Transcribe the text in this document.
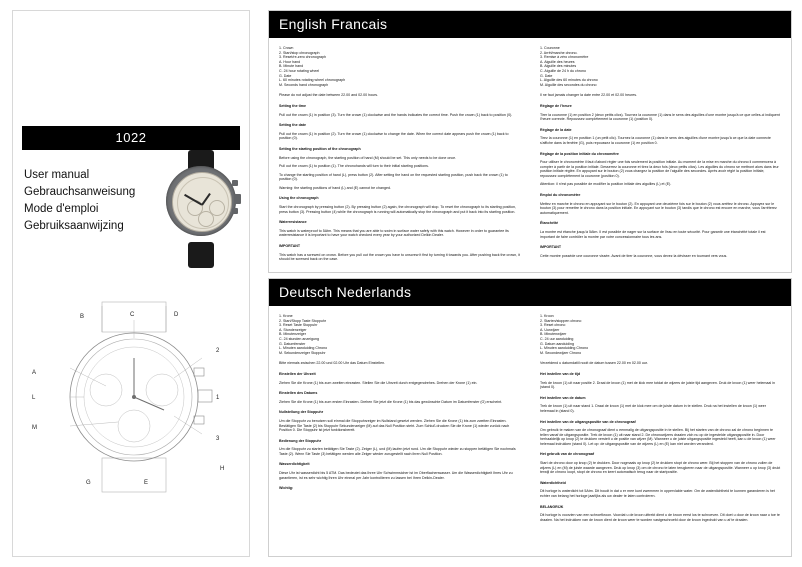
1022
User manual
Gebrauchsanweisung
Mode d'emploi
Gebruiksaanwijzing
A
L
M
B	C	D
2
1
3
E
G
H
English Francais

1. Crown

2. Start/stop chronograph

3. Reset/re-zero chronograph

A. Hour hand

B. Minute hand

C. 24 hour rotating wheel

G. Date

L. 60 minutes rotating wheel chronograph

M. Seconds hand chronograph

Please do not adjust the date between 22.00 and 02.00 hours.

Setting the time

Pull out the crown (1) in position (3). Turn the crown (1) clockwise and the hands indicates the correct time. Push the crown (1) back to position (0).

Setting the date

Pull out the crown (1) in position (2). Turn the crown (1) clockwise to change the date. When the correct date appears push the crown (1) back to position (0).

Setting the starting position of the chronograph

Before using the chronograph, the starting position of hand (M) should be set. This only needs to be done once.

Pull out the crown (1) to position (1). The chronohands will turn to their initial starting positions.

To change the starting position of hand (L), press button (2). After setting the hand on the requested starting position, push back the crown (1) to position (0).

Warning: the starting positions of hand (L) and (E) cannot be changed.

Using the chronograph

Start the chronograph by pressing button (2). By pressing button (2) again, the chronograph will stop. To reset the chronograph to its starting position, press button (3). Pressing button (4) while the chronograph is running will automatically stop the chronograph and put it back into its starting position.

Waterresistance

This watch is waterproof to 5Atm. This means that you are able to swim in surface water safely with this watch. However in order to guarantee its waterresistance it is important to have your watch checked every year by your authorized Delkin Dealer.

IMPORTANT

This watch has a screwed on crown. Before you pull out the crown you have to unscrew it first by turning it towards you. After pushing back the crown, it should be screwed back on the case.

1. Couronne

2. Arrêt/marche chrono.

3. Remise à zéro chronomètre

A. Aiguille des heures

B. Aiguille des minutes

C. Aiguille de 24 h du chrono

G. Date

L. Aiguille des 60 minutes du chrono

M. Aiguille des secondes du chrono

Il ne faut jamais changer la date entre 22.00 et 02.00 heures.

Réglage de l'heure

Tirer la couronne (1) en position 2 (deux petits clics). Tournez la couronne (1) dans le sens des aiguilles d'une montre jusqu'à ce que celles-ci indiquent l'heure correcte. Repoussez complètement la couronne (1) (position 0).

Réglage de la date

Tirez la couronne (1) en position 1 (un petit clic). Tournez la couronne (1) dans le sens des aiguilles d'une montre jusqu'à ce que la date connecte s'affiche dans la fenêtre (G), puis repoussez la couronne (1) en position 0.

Réglage de la position initiale du chronomètre

Pour utiliser le chronomètre il faut d'abord régler une fois seulement la position initiale. Au moment de la mise en marche du chrono il commencera à compter à partir de la position initiale. Desserrez la couronne et tirez la deux fois (deux petits clics). Les aiguilles du chrono se mettront alors dans leur position initiale réglée. En appuyant sur le bouton (2) vous changez la position de l'aiguille des secondes. Après avoir réglé la position initiale, repoussez complètement la couronne (position 0).

Attention: il n'est pas possible de modifier la position initiale des aiguilles (L) et (E).

Emploi du chronomètre

Mettez en marche le chrono en appuyant sur le bouton (2). En appuyant une deuxième fois sur le bouton (2) vous arrêtez le chrono. Appuyez sur le bouton (3) pour remettre le chrono dans la position initiale. En appuyant sur le bouton (3) tandis que le chrono est encore en marche, vous l'arrêterez automatiquement.

Étanchéité

La montre est étanche jusqu'à 5Atm. Il est possible de nager sur la surface de l'eau en toute sécurité. Pour garantir une étanchéité totale il est important de faire contrôler la montre par votre concessionnaire tous les ans.

IMPORTANT

Cette montre possède une couronne vissée. Avant de tirer la couronne, vous devez la dévisser en tournant vers vous.

Deutsch Nederlands

1. Krone

2. Start/Stopp Taste Stoppuhr

3. Reset Taste Stoppuhr

A. Stundenzeiger

B. Minutenzeiger

C. 24 stunden anzeigung

G. Datumfenster

L. Minuten aanduiding Chrono

M. Sekundenzeiger Stoppuhr

Bitte niemals zwischen 22.00 und 02.00 Uhr das Datum Einstellen.

Einstellen der Uhrzeit

Ziehen Sie die Krone (1) bis zum zweiten einrasten. Stellen Sie die Uhrzeit durch entgegendrehes. Drehen der Krone (1) ein.

Einstellen des Datums

Ziehen Sie die Krone (1) bis zum ersten Einrasten. Drehen Sie jetzt die Krone (1) bis das gewünschte Datum im Datumfenster (G) erscheint.

Nullstellung der Stoppuhr

Um die Stoppuhr zu benutzen soll einmal die Stoppuhrzeiger im Nullstand gesetzt werden. Ziehen Sie die Krone (1) bis zum zweiten Einrasten. Bestätigen Sie Taste (2) bis Stoppuhr Sekundenzeiger (M) auf das Null Position steht. Zum Schluß drucken Sie die Krone (1) wieder zurück nach Position 0. Die Stoppuhr ist jetzt funktionsbereit.

Bedienung der Stoppuhr

Um die Stoppuhr zu starten betätigen Sie Taste (2). Zeiger (L), und (M) laufen jetzt rund. Um die Stoppuhr wieder zu stoppen betätigen Sie nochmals Taste (2). Wenn Sie Taste (3) betätigen werden alle Zeiger wieder zurugestellt nach ihren Null Position.

Wasserdichtigkeit

Diese Uhr ist wasserdicht bis 5 ATM. Das bedeutet das Ihree Uhr Schwimmsicher ist im Oberflachenwasser. Um die Wasserdichtigkeit Ihres Uhr zu garantieren, ist es sehr wichtig Ihren Uhr einmal per Jahr kontrollieren zu lassen bei Ihren Delkin-Dealer.

Wichtig:

1. Kroon

2. Starten/stoppen chrono

3. Reset chrono

A. Uurwijzer

B. Minutenwijzer

C. 24 uur aanduiding

G. Datum aanduiding

L. Minuten aanduiding Chrono

M. Secondewijzer Chrono

Verzetdend u datumdatiil nooit de datum tussen 22.00 en 02.00 uur.

Het instellen van de tijd

Trek de kroon (1) uit naar positie 2. Draai de kroon (1) met de klok mee totdat de wijzers de juiste tijd aangeven. Druk de kroon (1) weer helemaal in (stand 0).

Het instellen van de datum

Trek de kroon (1) uit naar stand 1. Draai de kroon (1) met de klok mee om de juiste datum in te stellen. Druk na het instellen de kroon (1) weer helemaal in (stand 0).

Het instellen van de uitgangspositie van de chronograaf

Om gebruik te maken van de chronograaf dient u eenmalig de uitgangspositie in te stellen. Bij het starten van de chrono zal de chrono beginnen te tellen vanaf de uitgangspositie. Trek de kroon (1) uit naar stand 2. De chronowijzers draaien zich nu op de ingestelde uitgangspositie in. Door herhaaldelijk op knop (2) te drukken verstelt u de positie van wijzer (M). Wanneer u de juiste uitgangspositie ingesteld heeft, kan u de kroon (1) weer helemaal indrukken (stand 0). Let op: de uitgangspositie van de wijzers (L) en (E) kan niet worden veranderd.

Het gebruik van de chronograaf

Start de chrono door op knop (2) te drukken. Door nogmaals op knop (2) te drukken stopt de chrono weer. Bij het stoppen van de chrono zullen de wijzers (L) en (M) de juiste waarde aangeven. Druk op knop (3) om de chrono te laten terugkeren naar de uitgangspositie. Wanneer u op knop (3) drukt terwijl de chrono loopt, stopt de chrono en keert automatisch terug naar de startpositie.

Waterdichtheid

Dit horloge is waterdicht tot 5Atm. Dit houdt in dat u er mee kunt zwemmen in oppervlakte water. Om de waterdichtheid te kunnen garanderen is het echter van belang het horloge jaarlijks als uw dealer te laten controleren.

BELANGRIJK

Dit horloge is voorzien van een schroefkroon. Voordat u de kroon uittrekt dient u de kroon eerst los te schroeven. Dit doet u door de kroon naar u toe te draaien. Na het indrukken van de kroon dient de kroon weer te worden vastgeschroefd door de kroon ingedrukt van u af te draaien.
